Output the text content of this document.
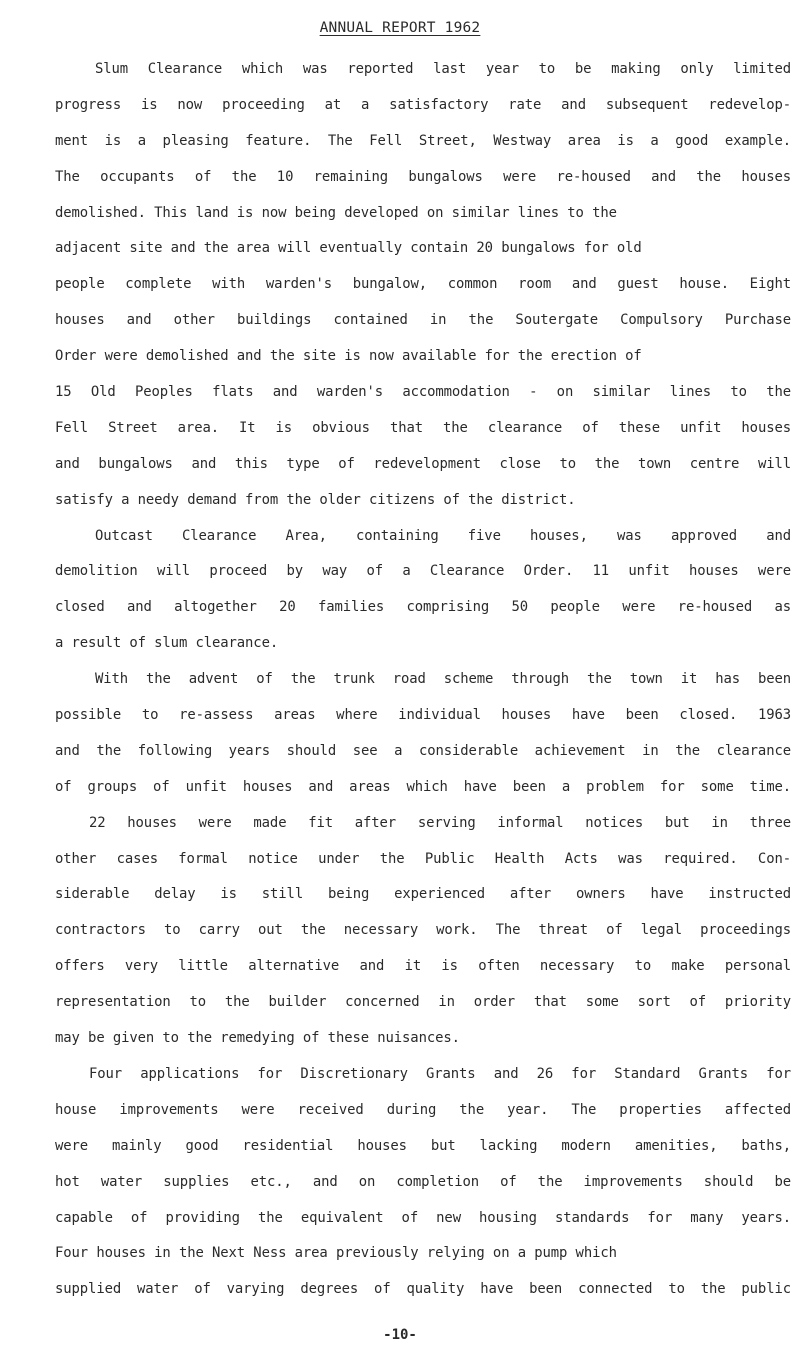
ANNUAL REPORT 1962
Slum Clearance which was reported last year to be making only limited
progress is now proceeding at a satisfactory rate and subsequent redevelop-
ment is a pleasing feature. The Fell Street, Westway area is a good example.
The occupants of the 10 remaining bungalows were re-housed and the houses
demolished. This land is now being developed on similar lines to the
adjacent site and the area will eventually contain 20 bungalows for old
people complete with warden's bungalow, common room and guest house. Eight
houses and other buildings contained in the Soutergate Compulsory Purchase
Order were demolished and the site is now available for the erection of
15 Old Peoples flats and warden's accommodation - on similar lines to the
Fell Street area. It is obvious that the clearance of these unfit houses
and bungalows and this type of redevelopment close to the town centre will
satisfy a needy demand from the older citizens of the district.
Outcast Clearance Area, containing five houses, was approved and
demolition will proceed by way of a Clearance Order. 11 unfit houses were
closed and altogether 20 families comprising 50 people were re-housed as
a result of slum clearance.
With the advent of the trunk road scheme through the town it has been
possible to re-assess areas where individual houses have been closed. 1963
and the following years should see a considerable achievement in the clearance
of groups of unfit houses and areas which have been a problem for some time.
22 houses were made fit after serving informal notices but in three
other cases formal notice under the Public Health Acts was required. Con-
siderable delay is still being experienced after owners have instructed
contractors to carry out the necessary work. The threat of legal proceedings
offers very little alternative and it is often necessary to make personal
representation to the builder concerned in order that some sort of priority
may be given to the remedying of these nuisances.
Four applications for Discretionary Grants and 26 for Standard Grants for
house improvements were received during the year. The properties affected
were mainly good residential houses but lacking modern amenities, baths,
hot water supplies etc., and on completion of the improvements should be
capable of providing the equivalent of new housing standards for many years.
Four houses in the Next Ness area previously relying on a pump which
supplied water of varying degrees of quality have been connected to the public
-10-
